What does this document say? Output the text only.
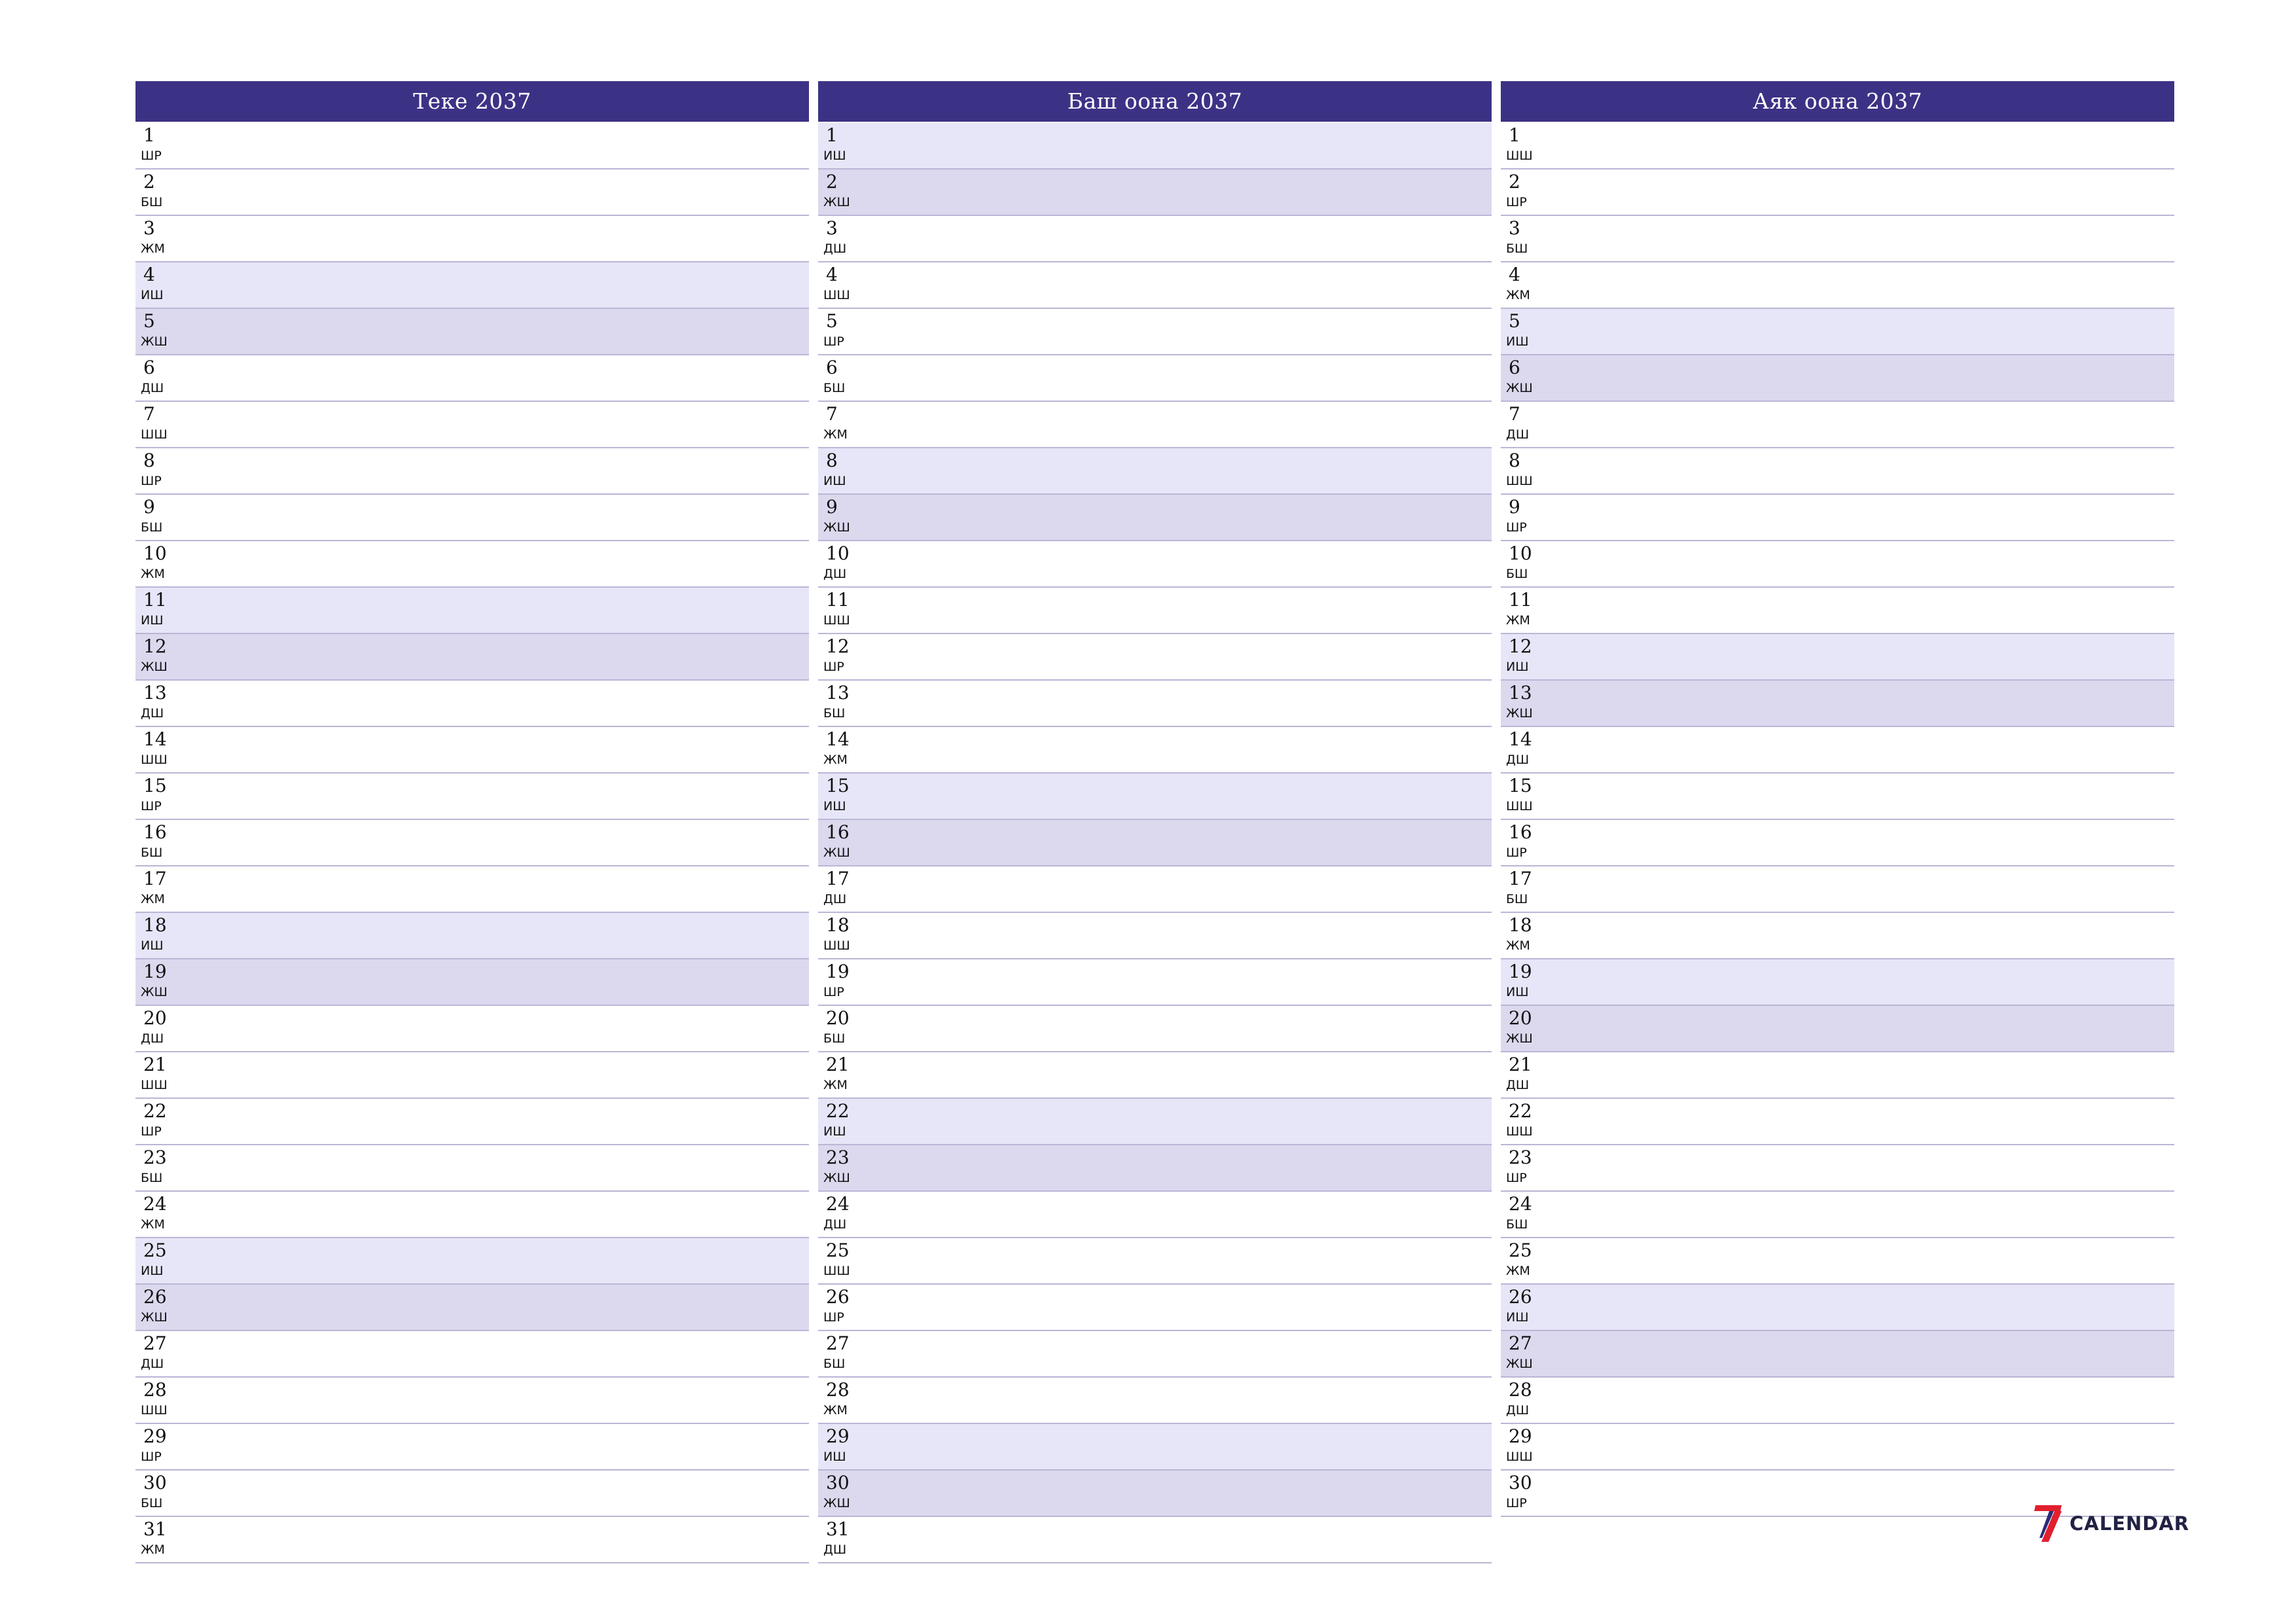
Теке 2037
1
ШР
2
БШ
3
ЖМ
4
ИШ
5
ЖШ
6
ДШ
7
ШШ
8
ШР
9
БШ
10
ЖМ
11
ИШ
12
ЖШ
13
ДШ
14
ШШ
15
ШР
16
БШ
17
ЖМ
18
ИШ
19
ЖШ
20
ДШ
21
ШШ
22
ШР
23
БШ
24
ЖМ
25
ИШ
26
ЖШ
27
ДШ
28
ШШ
29
ШР
30
БШ
31
ЖМ
Баш оона 2037
1
ИШ
2
ЖШ
3
ДШ
4
ШШ
5
ШР
6
БШ
7
ЖМ
8
ИШ
9
ЖШ
10
ДШ
11
ШШ
12
ШР
13
БШ
14
ЖМ
15
ИШ
16
ЖШ
17
ДШ
18
ШШ
19
ШР
20
БШ
21
ЖМ
22
ИШ
23
ЖШ
24
ДШ
25
ШШ
26
ШР
27
БШ
28
ЖМ
29
ИШ
30
ЖШ
31
ДШ
Аяк оона 2037
1
ШШ
2
ШР
3
БШ
4
ЖМ
5
ИШ
6
ЖШ
7
ДШ
8
ШШ
9
ШР
10
БШ
11
ЖМ
12
ИШ
13
ЖШ
14
ДШ
15
ШШ
16
ШР
17
БШ
18
ЖМ
19
ИШ
20
ЖШ
21
ДШ
22
ШШ
23
ШР
24
БШ
25
ЖМ
26
ИШ
27
ЖШ
28
ДШ
29
ШШ
30
ШР
CALENDAR
